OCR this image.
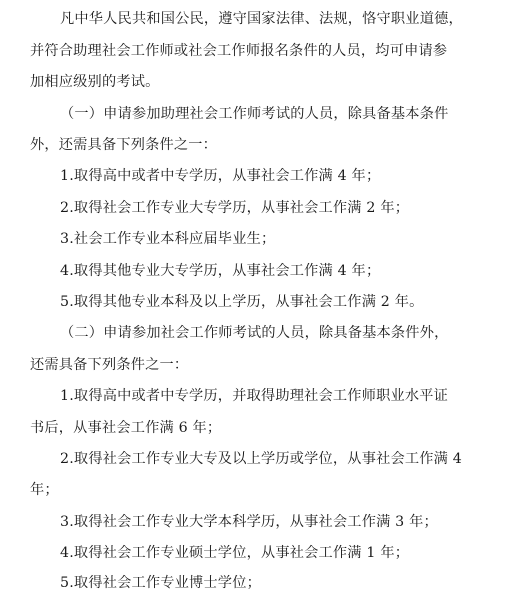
凡中华人民共和国公民，遵守国家法律、法规，恪守职业道德，
并符合助理社会工作师或社会工作师报名条件的人员，均可申请参
加相应级别的考试。
（一）申请参加助理社会工作师考试的人员，除具备基本条件
外，还需具备下列条件之一：
1.取得高中或者中专学历，从事社会工作满 4 年；
2.取得社会工作专业大专学历，从事社会工作满 2 年；
3.社会工作专业本科应届毕业生；
4.取得其他专业大专学历，从事社会工作满 4 年；
5.取得其他专业本科及以上学历，从事社会工作满 2 年。
（二）申请参加社会工作师考试的人员，除具备基本条件外，
还需具备下列条件之一：
1.取得高中或者中专学历，并取得助理社会工作师职业水平证
书后，从事社会工作满 6 年；
2.取得社会工作专业大专及以上学历或学位，从事社会工作满 4
年；
3.取得社会工作专业大学本科学历，从事社会工作满 3 年；
4.取得社会工作专业硕士学位，从事社会工作满 1 年；
5.取得社会工作专业博士学位；
